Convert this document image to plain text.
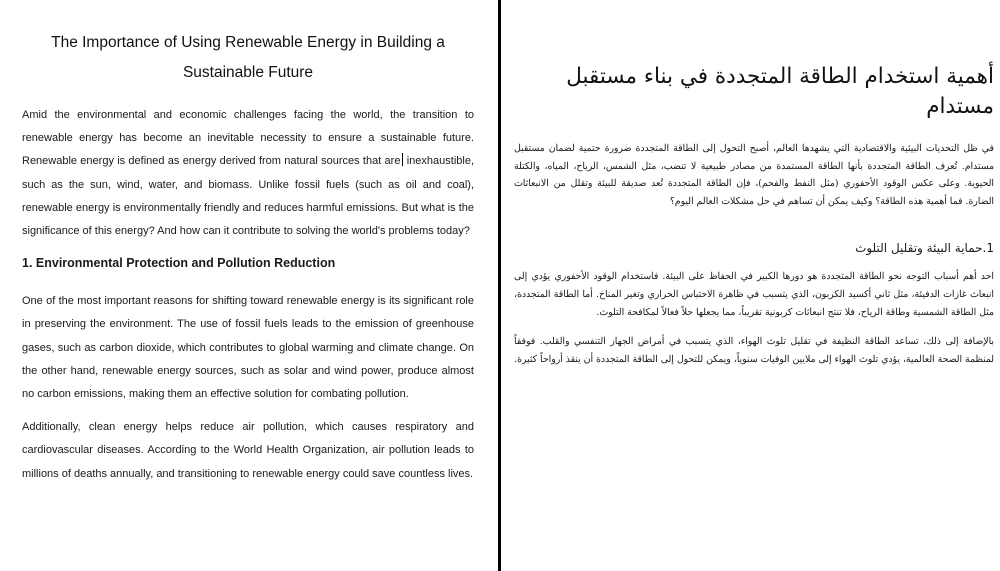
The Importance of Using Renewable Energy in Building a Sustainable Future

Amid the environmental and economic challenges facing the world, the transition to renewable energy has become an inevitable necessity to ensure a sustainable future. Renewable energy is defined as energy derived from natural sources that are inexhaustible, such as the sun, wind, water, and biomass. Unlike fossil fuels (such as oil and coal), renewable energy is environmentally friendly and reduces harmful emissions. But what is the significance of this energy? And how can it contribute to solving the world's problems today?

1. Environmental Protection and Pollution Reduction

One of the most important reasons for shifting toward renewable energy is its significant role in preserving the environment. The use of fossil fuels leads to the emission of greenhouse gases, such as carbon dioxide, which contributes to global warming and climate change. On the other hand, renewable energy sources, such as solar and wind power, produce almost no carbon emissions, making them an effective solution for combating pollution.

Additionally, clean energy helps reduce air pollution, which causes respiratory and cardiovascular diseases. According to the World Health Organization, air pollution leads to millions of deaths annually, and transitioning to renewable energy could save countless lives.

أهمية استخدام الطاقة المتجددة في بناء مستقبل مستدام

في ظل التحديات البيئية والاقتصادية التي يشهدها العالم، أصبح التحول إلى الطاقة المتجددة ضرورة حتمية لضمان مستقبل مستدام. تُعرف الطاقة المتجددة بأنها الطاقة المستمدة من مصادر طبيعية لا تنضب، مثل الشمس، الرياح، المياه، والكتلة الحيوية. وعلى عكس الوقود الأحفوري (مثل النفط والفحم)، فإن الطاقة المتجددة تُعد صديقة للبيئة وتقلل من الانبعاثات الضارة. فما أهمية هذه الطاقة؟ وكيف يمكن أن تساهم في حل مشكلات العالم اليوم؟

1.حماية البيئة وتقليل التلوث

احد أهم أسباب التوجه نحو الطاقة المتجددة هو دورها الكبير في الحفاظ على البيئة. فاستخدام الوقود الأحفوري يؤدي إلى انبعاث غازات الدفيئة، مثل ثاني أكسيد الكربون، الذي يتسبب في ظاهرة الاحتباس الحراري وتغير المناخ. أما الطاقة المتجددة، مثل الطاقة الشمسية وطاقة الرياح، فلا تنتج انبعاثات كربونية تقريباً، مما يجعلها حلاً فعالاً لمكافحة التلوث.

بالإضافة إلى ذلك، تساعد الطاقة النظيفة في تقليل تلوث الهواء، الذي يتسبب في أمراض الجهاز التنفسي والقلب. فوفقاً لمنظمة الصحة العالمية، يؤدي تلوث الهواء إلى ملايين الوفيات سنوياً، ويمكن للتحول إلى الطاقة المتجددة أن ينقذ أرواحاً كثيرة.
